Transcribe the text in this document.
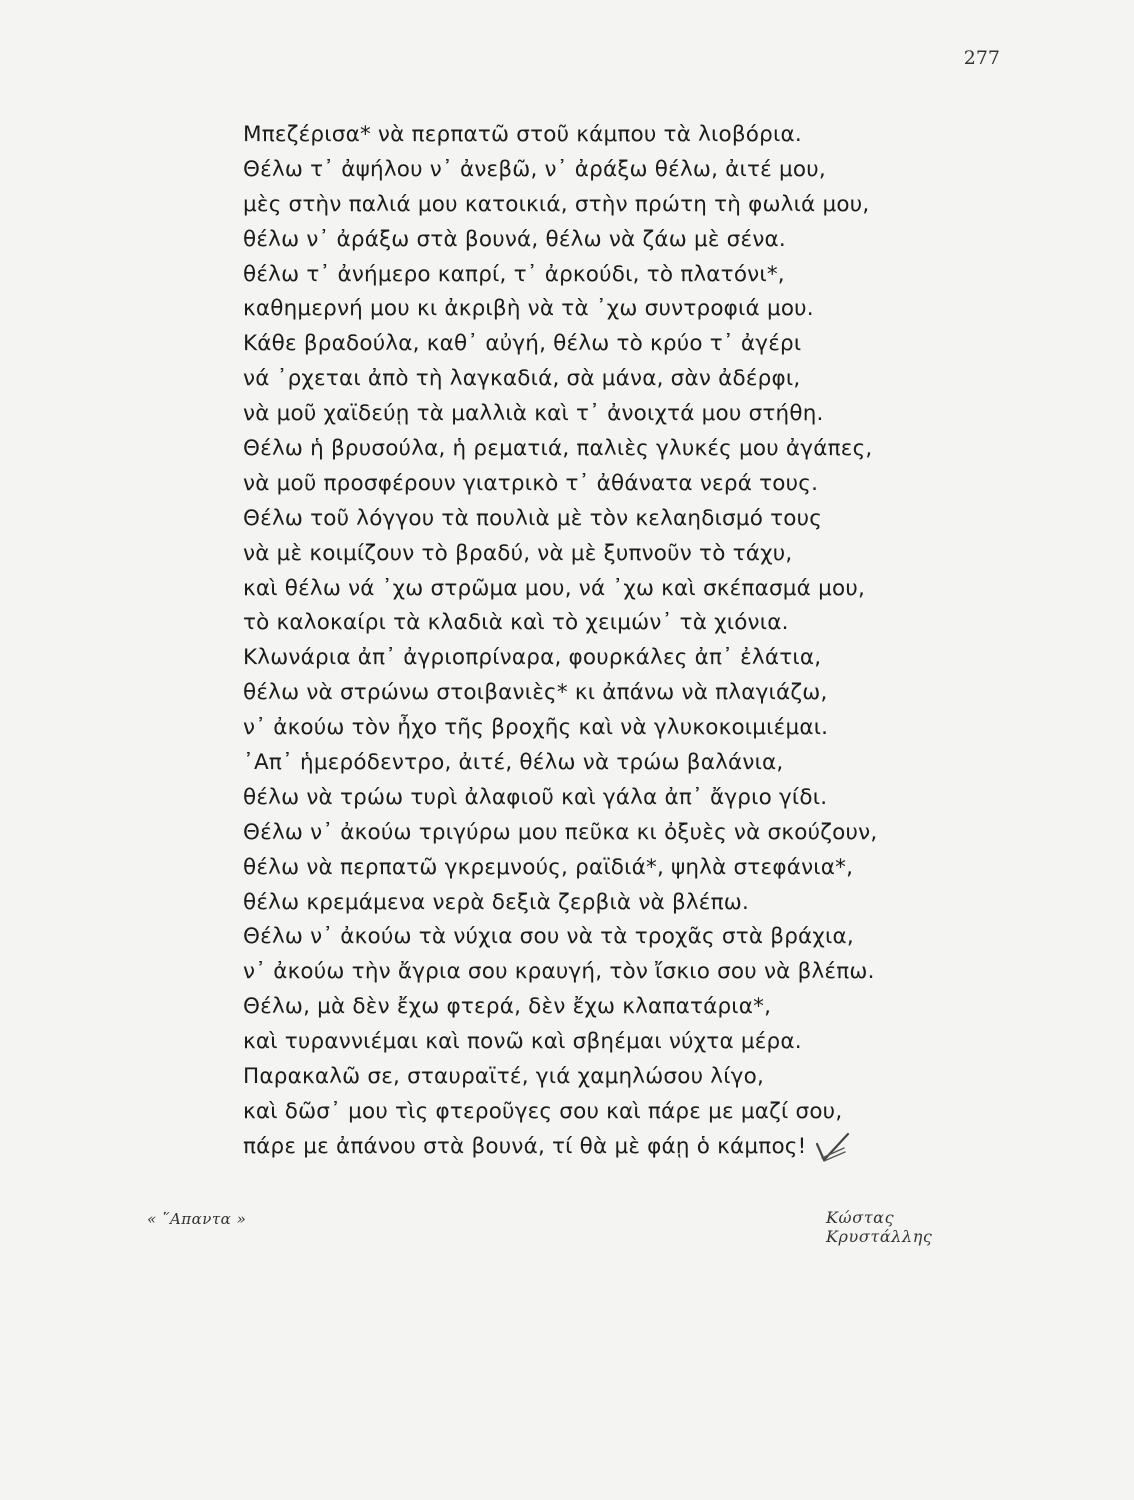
277
Μπεζέρισα* νὰ περπατῶ στοῦ κάμπου τὰ λιοβόρια.
Θέλω τ᾽ ἀψήλου ν᾽ ἀνεβῶ, ν᾽ ἀράξω θέλω, ἀιτέ μου,
μὲς στὴν παλιά μου κατοικιά, στὴν πρώτη τὴ φωλιά μου,
θέλω ν᾽ ἀράξω στὰ βουνά, θέλω νὰ ζάω μὲ σένα.
θέλω τ᾽ ἀνήμερο καπρί, τ᾽ ἀρκούδι, τὸ πλατόνι*,
καθημερνή μου κι ἀκριβὴ νὰ τὰ ᾽χω συντροφιά μου.
Κάθε βραδούλα, καθ᾽ αὐγή, θέλω τὸ κρύο τ᾽ ἀγέρι
νά ᾽ρχεται ἀπὸ τὴ λαγκαδιά, σὰ μάνα, σὰν ἀδέρφι,
νὰ μοῦ χαϊδεύῃ τὰ μαλλιὰ καὶ τ᾽ ἀνοιχτά μου στήθη.
Θέλω ἡ βρυσούλα, ἡ ρεματιά, παλιὲς γλυκές μου ἀγάπες,
νὰ μοῦ προσφέρουν γιατρικὸ τ᾽ ἀθάνατα νερά τους.
Θέλω τοῦ λόγγου τὰ πουλιὰ μὲ τὸν κελαηδισμό τους
νὰ μὲ κοιμίζουν τὸ βραδύ, νὰ μὲ ξυπνοῦν τὸ τάχυ,
καὶ θέλω νά ᾽χω στρῶμα μου, νά ᾽χω καὶ σκέπασμά μου,
τὸ καλοκαίρι τὰ κλαδιὰ καὶ τὸ χειμών᾽ τὰ χιόνια.
Κλωνάρια ἀπ᾽ ἀγριοπρίναρα, φουρκάλες ἀπ᾽ ἐλάτια,
θέλω νὰ στρώνω στοιβανιὲς* κι ἀπάνω νὰ πλαγιάζω,
ν᾽ ἀκούω τὸν ἦχο τῆς βροχῆς καὶ νὰ γλυκοκοιμιέμαι.
᾽Απ᾽ ἡμερόδεντρο, ἀιτέ, θέλω νὰ τρώω βαλάνια,
θέλω νὰ τρώω τυρὶ ἀλαφιοῦ καὶ γάλα ἀπ᾽ ἄγριο γίδι.
Θέλω ν᾽ ἀκούω τριγύρω μου πεῦκα κι ὀξυὲς νὰ σκούζουν,
θέλω νὰ περπατῶ γκρεμνούς, ραϊδιά*, ψηλὰ στεφάνια*,
θέλω κρεμάμενα νερὰ δεξιὰ ζερβιὰ νὰ βλέπω.
Θέλω ν᾽ ἀκούω τὰ νύχια σου νὰ τὰ τροχᾶς στὰ βράχια,
ν᾽ ἀκούω τὴν ἄγρια σου κραυγή, τὸν ἴσκιο σου νὰ βλέπω.
Θέλω, μὰ δὲν ἔχω φτερά, δὲν ἔχω κλαπατάρια*,
καὶ τυραννιέμαι καὶ πονῶ καὶ σβηέμαι νύχτα μέρα.
Παρακαλῶ σε, σταυραϊτέ, γιά χαμηλώσου λίγο,
καὶ δῶσ᾽ μου τὶς φτεροῦγες σου καὶ πάρε με μαζί σου,
πάρε με ἀπάνου στὰ βουνά, τί θὰ μὲ φάῃ ὁ κάμπος!
« ῞Απαντα »	Κώστας Κρυστάλλης
